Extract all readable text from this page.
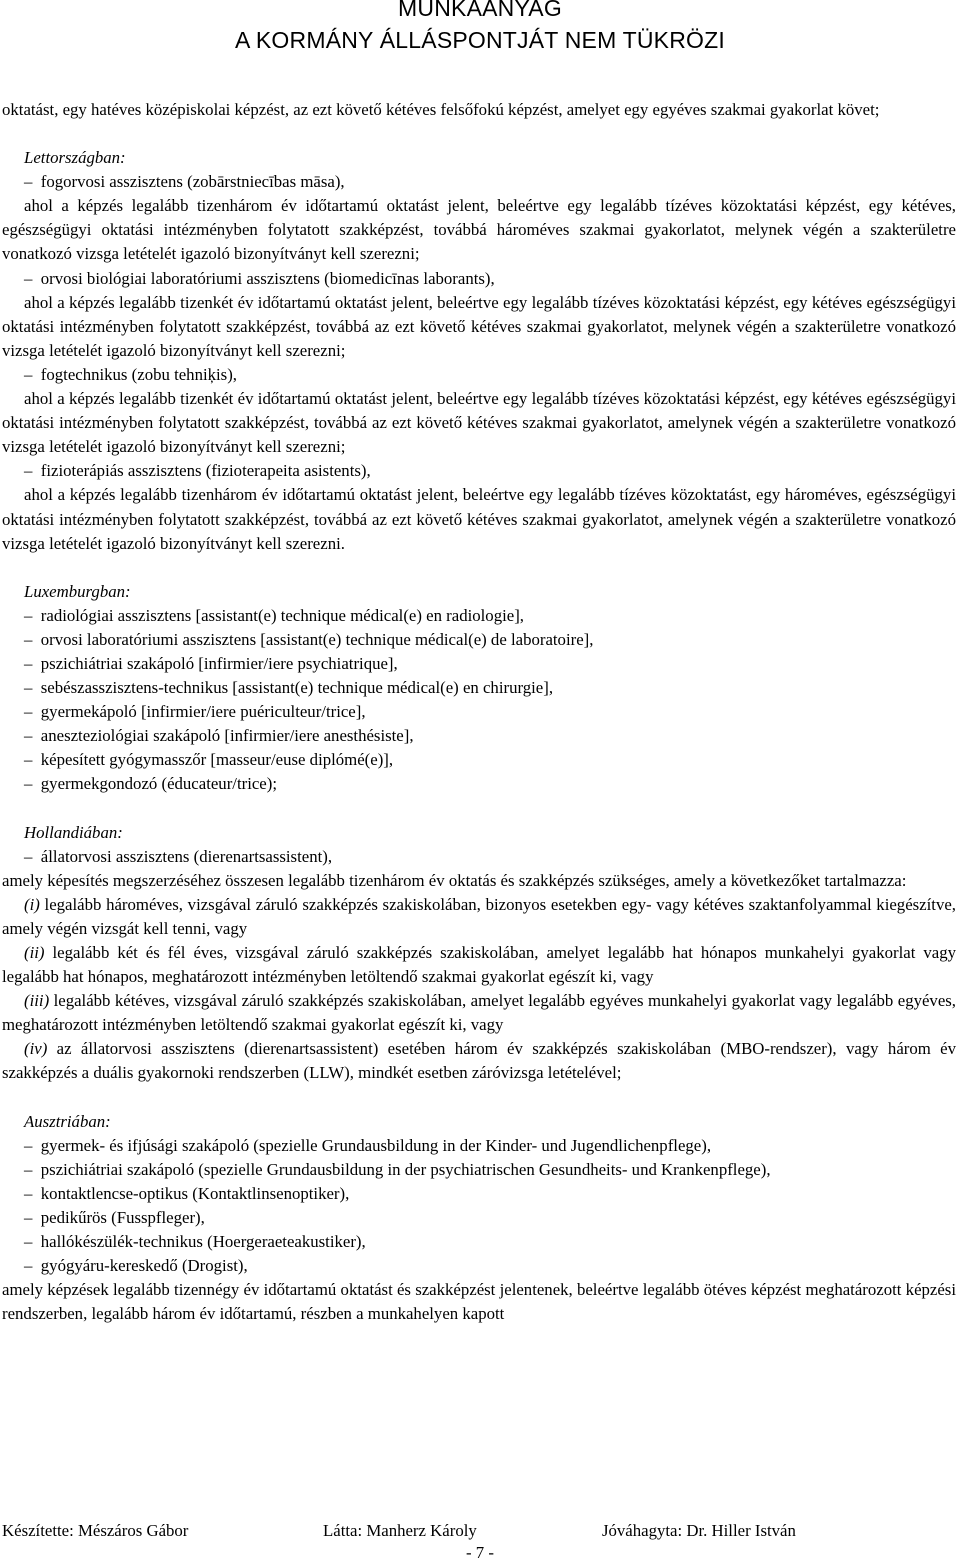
MUNKAANYAG
A KORMÁNY ÁLLÁSPONTJÁT NEM TÜKRÖZI

oktatást, egy hatéves középiskolai képzést, az ezt követő kétéves felsőfokú képzést, amelyet egy egyéves szakmai gyakorlat követ;

Lettországban:

–  fogorvosi asszisztens (zobārstniecības māsa),

ahol a képzés legalább tizenhárom év időtartamú oktatást jelent, beleértve egy legalább tízéves közoktatási képzést, egy kétéves, egészségügyi oktatási intézményben folytatott szakképzést, továbbá hároméves szakmai gyakorlatot, melynek végén a szakterületre vonatkozó vizsga letételét igazoló bizonyítványt kell szerezni;

–  orvosi biológiai laboratóriumi asszisztens (biomedicīnas laborants),

ahol a képzés legalább tizenkét év időtartamú oktatást jelent, beleértve egy legalább tízéves közoktatási képzést, egy kétéves egészségügyi oktatási intézményben folytatott szakképzést, továbbá az ezt követő kétéves szakmai gyakorlatot, melynek végén a szakterületre vonatkozó vizsga letételét igazoló bizonyítványt kell szerezni;

–  fogtechnikus (zobu tehniķis),

ahol a képzés legalább tizenkét év időtartamú oktatást jelent, beleértve egy legalább tízéves közoktatási képzést, egy kétéves egészségügyi oktatási intézményben folytatott szakképzést, továbbá az ezt követő kétéves szakmai gyakorlatot, amelynek végén a szakterületre vonatkozó vizsga letételét igazoló bizonyítványt kell szerezni;

–  fizioterápiás asszisztens (fizioterapeita asistents),

ahol a képzés legalább tizenhárom év időtartamú oktatást jelent, beleértve egy legalább tízéves közoktatást, egy hároméves, egészségügyi oktatási intézményben folytatott szakképzést, továbbá az ezt követő kétéves szakmai gyakorlatot, amelynek végén a szakterületre vonatkozó vizsga letételét igazoló bizonyítványt kell szerezni.

Luxemburgban:

–  radiológiai asszisztens [assistant(e) technique médical(e) en radiologie],

–  orvosi laboratóriumi asszisztens [assistant(e) technique médical(e) de laboratoire],

–  pszichiátriai szakápoló [infirmier/iere psychiatrique],

–  sebészasszisztens-technikus [assistant(e) technique médical(e) en chirurgie],

–  gyermekápoló [infirmier/iere puériculteur/trice],

–  aneszteziológiai szakápoló [infirmier/iere anesthésiste],

–  képesített gyógymasszőr [masseur/euse diplómé(e)],

–  gyermekgondozó (éducateur/trice);

Hollandiában:

–  állatorvosi asszisztens (dierenartsassistent),

amely képesítés megszerzéséhez összesen legalább tizenhárom év oktatás és szakképzés szükséges, amely a következőket tartalmazza:

(i) legalább hároméves, vizsgával záruló szakképzés szakiskolában, bizonyos esetekben egy- vagy kétéves szaktanfolyammal kiegészítve, amely végén vizsgát kell tenni, vagy

(ii) legalább két és fél éves, vizsgával záruló szakképzés szakiskolában, amelyet legalább hat hónapos munkahelyi gyakorlat vagy legalább hat hónapos, meghatározott intézményben letöltendő szakmai gyakorlat egészít ki, vagy

(iii) legalább kétéves, vizsgával záruló szakképzés szakiskolában, amelyet legalább egyéves munkahelyi gyakorlat vagy legalább egyéves, meghatározott intézményben letöltendő szakmai gyakorlat egészít ki, vagy

(iv) az állatorvosi asszisztens (dierenartsassistent) esetében három év szakképzés szakiskolában (MBO-rendszer), vagy három év szakképzés a duális gyakornoki rendszerben (LLW), mindkét esetben záróvizsga letételével;

Ausztriában:

–  gyermek- és ifjúsági szakápoló (spezielle Grundausbildung in der Kinder- und Jugendlichenpflege),

–  pszichiátriai szakápoló (spezielle Grundausbildung in der psychiatrischen Gesundheits- und Krankenpflege),

–  kontaktlencse-optikus (Kontaktlinsenoptiker),

–  pedikűrös (Fusspfleger),

–  hallókészülék-technikus (Hoergeraeteakustiker),

–  gyógyáru-kereskedő (Drogist),

amely képzések legalább tizennégy év időtartamú oktatást és szakképzést jelentenek, beleértve legalább ötéves képzést meghatározott képzési rendszerben, legalább három év időtartamú, részben a munkahelyen kapott

Készítette: Mészáros Gábor	Látta: Manherz Károly	Jóváhagyta: Dr. Hiller István
- 7 -
